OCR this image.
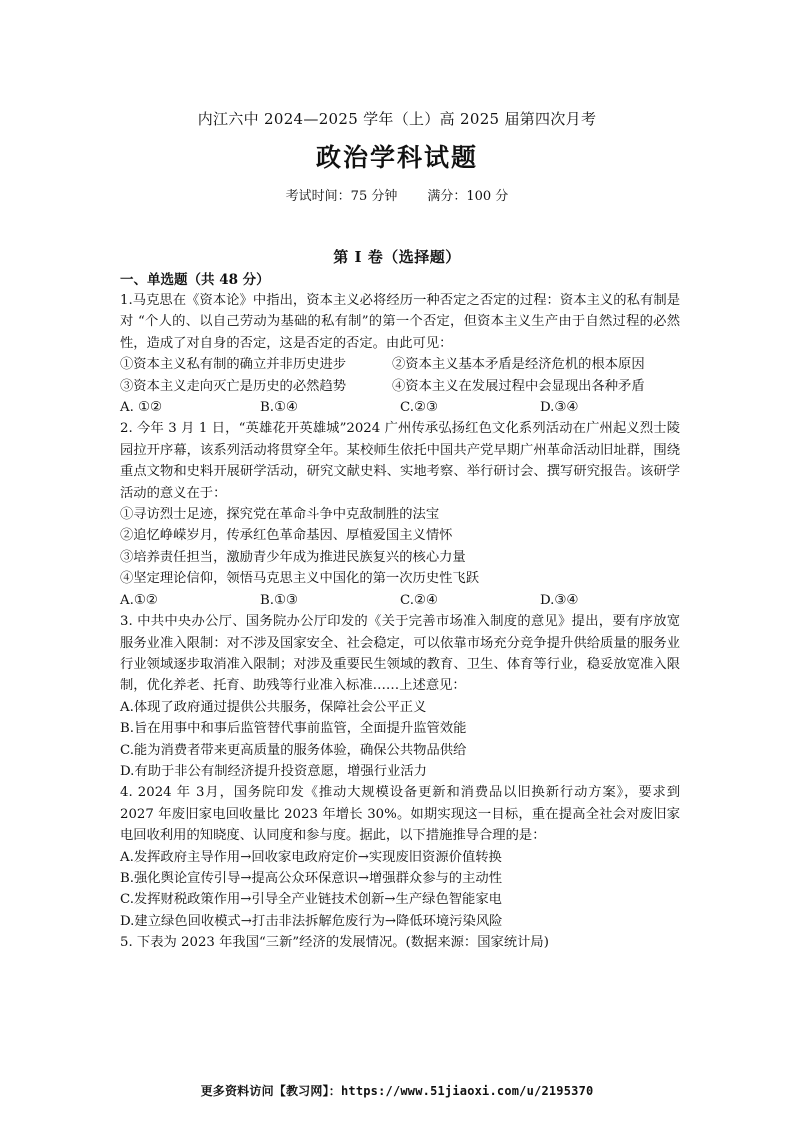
内江六中 2024—2025 学年（上）高 2025 届第四次月考
政治学科试题
考试时间：75 分钟 满分：100 分
第 Ⅰ 卷（选择题）
一、单选题（共 48 分）

1.马克思在《资本论》中指出，资本主义必将经历一种否定之否定的过程：资本主义的私有制是对 “个人的、以自己劳动为基础的私有制”的第一个否定，但资本主义生产由于自然过程的必然性，造成了对自身的否定，这是否定的否定。由此可见：

①资本主义私有制的确立并非历史进步	②资本主义基本矛盾是经济危机的根本原因
③资本主义走向灭亡是历史的必然趋势	④资本主义在发展过程中会显现出各种矛盾
A. ①②	B.①④	C.②③	D.③④

2. 今年 3 月 1 日，“英雄花开英雄城”2024 广州传承弘扬红色文化系列活动在广州起义烈士陵园拉开序幕，该系列活动将贯穿全年。某校师生依托中国共产党早期广州革命活动旧址群，围绕重点文物和史料开展研学活动，研究文献史料、实地考察、举行研讨会、撰写研究报告。该研学活动的意义在于：

①寻访烈士足迹，探究党在革命斗争中克敌制胜的法宝

②追忆峥嵘岁月，传承红色革命基因、厚植爱国主义情怀

③培养责任担当，激励青少年成为推进民族复兴的核心力量

④坚定理论信仰，领悟马克思主义中国化的第一次历史性飞跃

A.①②	B.①③	C.②④	D.③④

3. 中共中央办公厅、国务院办公厅印发的《关于完善市场准入制度的意见》提出，要有序放宽服务业准入限制：对不涉及国家安全、社会稳定，可以依靠市场充分竞争提升供给质量的服务业行业领域逐步取消准入限制；对涉及重要民生领域的教育、卫生、体育等行业，稳妥放宽准入限制，优化养老、托育、助残等行业准入标准……上述意见：

A.体现了政府通过提供公共服务，保障社会公平正义

B.旨在用事中和事后监管替代事前监管，全面提升监管效能

C.能为消费者带来更高质量的服务体验，确保公共物品供给

D.有助于非公有制经济提升投资意愿，增强行业活力

4. 2024 年 3月，国务院印发《推动大规模设备更新和消费品以旧换新行动方案》，要求到 2027 年废旧家电回收量比 2023 年增长 30%。如期实现这一目标，重在提高全社会对废旧家电回收利用的知晓度、认同度和参与度。据此，以下措施推导合理的是：

A.发挥政府主导作用→回收家电政府定价→实现废旧资源价值转换

B.强化舆论宣传引导→提高公众环保意识→增强群众参与的主动性

C.发挥财税政策作用→引导全产业链技术创新→生产绿色智能家电

D.建立绿色回收模式→打击非法拆解危废行为→降低环境污染风险

5. 下表为 2023 年我国“三新”经济的发展情况。(数据来源：国家统计局)

更多资料访问【教习网】：https://www.51jiaoxi.com/u/2195370
